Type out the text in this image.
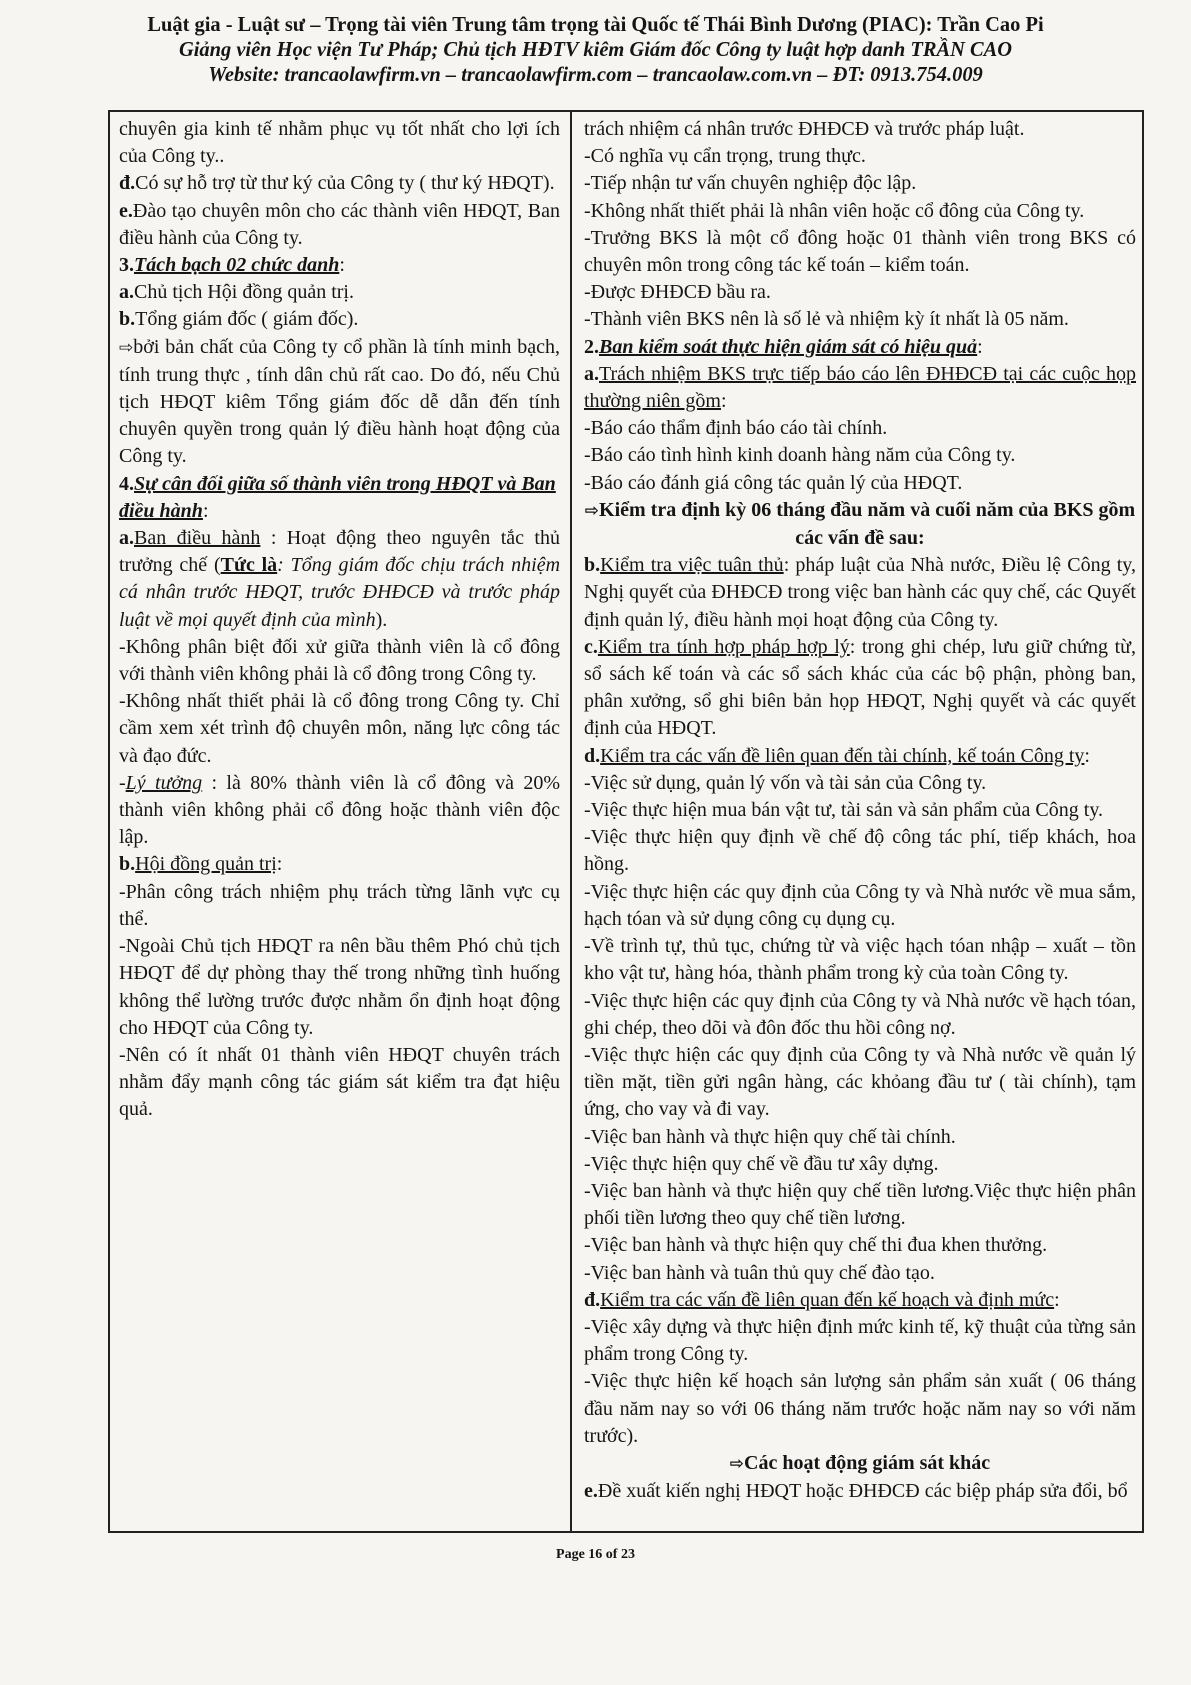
Luật gia - Luật sư – Trọng tài viên Trung tâm trọng tài Quốc tế Thái Bình Dương (PIAC): Trần Cao Pi
Giảng viên Học viện Tư Pháp; Chủ tịch HĐTV kiêm Giám đốc Công ty luật hợp danh TRẦN CAO
Website: trancaolawfirm.vn – trancaolawfirm.com – trancaolaw.com.vn – ĐT: 0913.754.009
chuyên gia kinh tế nhằm phục vụ tốt nhất cho lợi ích của Công ty..
đ.Có sự hỗ trợ từ thư ký của Công ty ( thư ký HĐQT).
e.Đào tạo chuyên môn cho các thành viên HĐQT, Ban điều hành của Công ty.
3.Tách bạch 02 chức danh:
a.Chủ tịch Hội đồng quản trị.
b.Tổng giám đốc ( giám đốc).
⇨bởi bản chất của Công ty cổ phần là tính minh bạch, tính trung thực , tính dân chủ rất cao. Do đó, nếu Chủ tịch HĐQT kiêm Tổng giám đốc dễ dẫn đến tính chuyên quyền trong quản lý điều hành hoạt động của Công ty.
4.Sự cân đối giữa số thành viên trong HĐQT và Ban điều hành:
a.Ban điều hành : Hoạt động theo nguyên tắc thủ trưởng chế (Tức là: Tổng giám đốc chịu trách nhiệm cá nhân trước HĐQT, trước ĐHĐCĐ và trước pháp luật về mọi quyết định của mình).
-Không phân biệt đối xử giữa thành viên là cổ đông với thành viên không phải là cổ đông trong Công ty.
-Không nhất thiết phải là cổ đông trong Công ty. Chỉ cầm xem xét trình độ chuyên môn, năng lực công tác và đạo đức.
-Lý tưởng : là 80% thành viên là cổ đông và 20% thành viên không phải cổ đông hoặc thành viên độc lập.
b.Hội đồng quản trị:
-Phân công trách nhiệm phụ trách từng lãnh vực cụ thể.
-Ngoài Chủ tịch HĐQT ra nên bầu thêm Phó chủ tịch HĐQT để dự phòng thay thế trong những tình huống không thể lường trước được nhằm ổn định hoạt động cho HĐQT của Công ty.
-Nên có ít nhất 01 thành viên HĐQT chuyên trách nhằm đẩy mạnh công tác giám sát kiểm tra đạt hiệu quả.
trách nhiệm cá nhân trước ĐHĐCĐ và trước pháp luật.
-Có nghĩa vụ cẩn trọng, trung thực.
-Tiếp nhận tư vấn chuyên nghiệp độc lập.
-Không nhất thiết phải là nhân viên hoặc cổ đông của Công ty.
-Trưởng BKS là một cổ đông hoặc 01 thành viên trong BKS có chuyên môn trong công tác kế toán – kiểm toán.
-Được ĐHĐCĐ bầu ra.
-Thành viên BKS nên là số lẻ và nhiệm kỳ ít nhất là 05 năm.
2.Ban kiểm soát thực hiện giám sát có hiệu quả:
a.Trách nhiệm BKS trực tiếp báo cáo lên ĐHĐCĐ tại các cuộc họp thường niên gồm:
-Báo cáo thẩm định báo cáo tài chính.
-Báo cáo tình hình kinh doanh hàng năm của Công ty.
-Báo cáo đánh giá công tác quản lý của HĐQT.
⇨Kiểm tra định kỳ 06 tháng đầu năm và cuối năm của BKS gồm các vấn đề sau:
b.Kiểm tra việc tuân thủ: pháp luật của Nhà nước, Điều lệ Công ty, Nghị quyết của ĐHĐCĐ trong việc ban hành các quy chế, các Quyết định quản lý, điều hành mọi hoạt động của Công ty.
c.Kiểm tra tính hợp pháp hợp lý: trong ghi chép, lưu giữ chứng từ, sổ sách kế toán và các sổ sách khác của các bộ phận, phòng ban, phân xưởng, sổ ghi biên bản họp HĐQT, Nghị quyết và các quyết định của HĐQT.
d.Kiểm tra các vấn đề liên quan đến tài chính, kế toán Công ty:
-Việc sử dụng, quản lý vốn và tài sản của Công ty.
-Việc thực hiện mua bán vật tư, tài sản và sản phẩm của Công ty.
-Việc thực hiện quy định về chế độ công tác phí, tiếp khách, hoa hồng.
-Việc thực hiện các quy định của Công ty và Nhà nước về mua sắm, hạch tóan và sử dụng công cụ dụng cụ.
-Về trình tự, thủ tục, chứng từ và việc hạch tóan nhập – xuất – tồn kho vật tư, hàng hóa, thành phẩm trong kỳ của toàn Công ty.
-Việc thực hiện các quy định của Công ty và Nhà nước về hạch tóan, ghi chép, theo dõi và đôn đốc thu hồi công nợ.
-Việc thực hiện các quy định của Công ty và Nhà nước về quản lý tiền mặt, tiền gửi ngân hàng, các khỏang đầu tư ( tài chính), tạm ứng, cho vay và đi vay.
-Việc ban hành và thực hiện quy chế tài chính.
-Việc thực hiện quy chế về đầu tư xây dựng.
-Việc ban hành và thực hiện quy chế tiền lương.Việc thực hiện phân phối tiền lương theo quy chế tiền lương.
-Việc ban hành và thực hiện quy chế thi đua khen thưởng.
-Việc ban hành và tuân thủ quy chế đào tạo.
đ.Kiểm tra các vấn đề liên quan đến kế hoạch và định mức:
-Việc xây dựng và thực hiện định mức kinh tế, kỹ thuật của từng sản phẩm trong Công ty.
-Việc thực hiện kế hoạch sản lượng sản phẩm sản xuất ( 06 tháng đầu năm nay so với 06 tháng năm trước hoặc năm nay so với năm trước).
⇨Các hoạt động giám sát khác
e.Đề xuất kiến nghị HĐQT hoặc ĐHĐCĐ các biệp pháp sửa đổi, bổ
Page 16 of 23
